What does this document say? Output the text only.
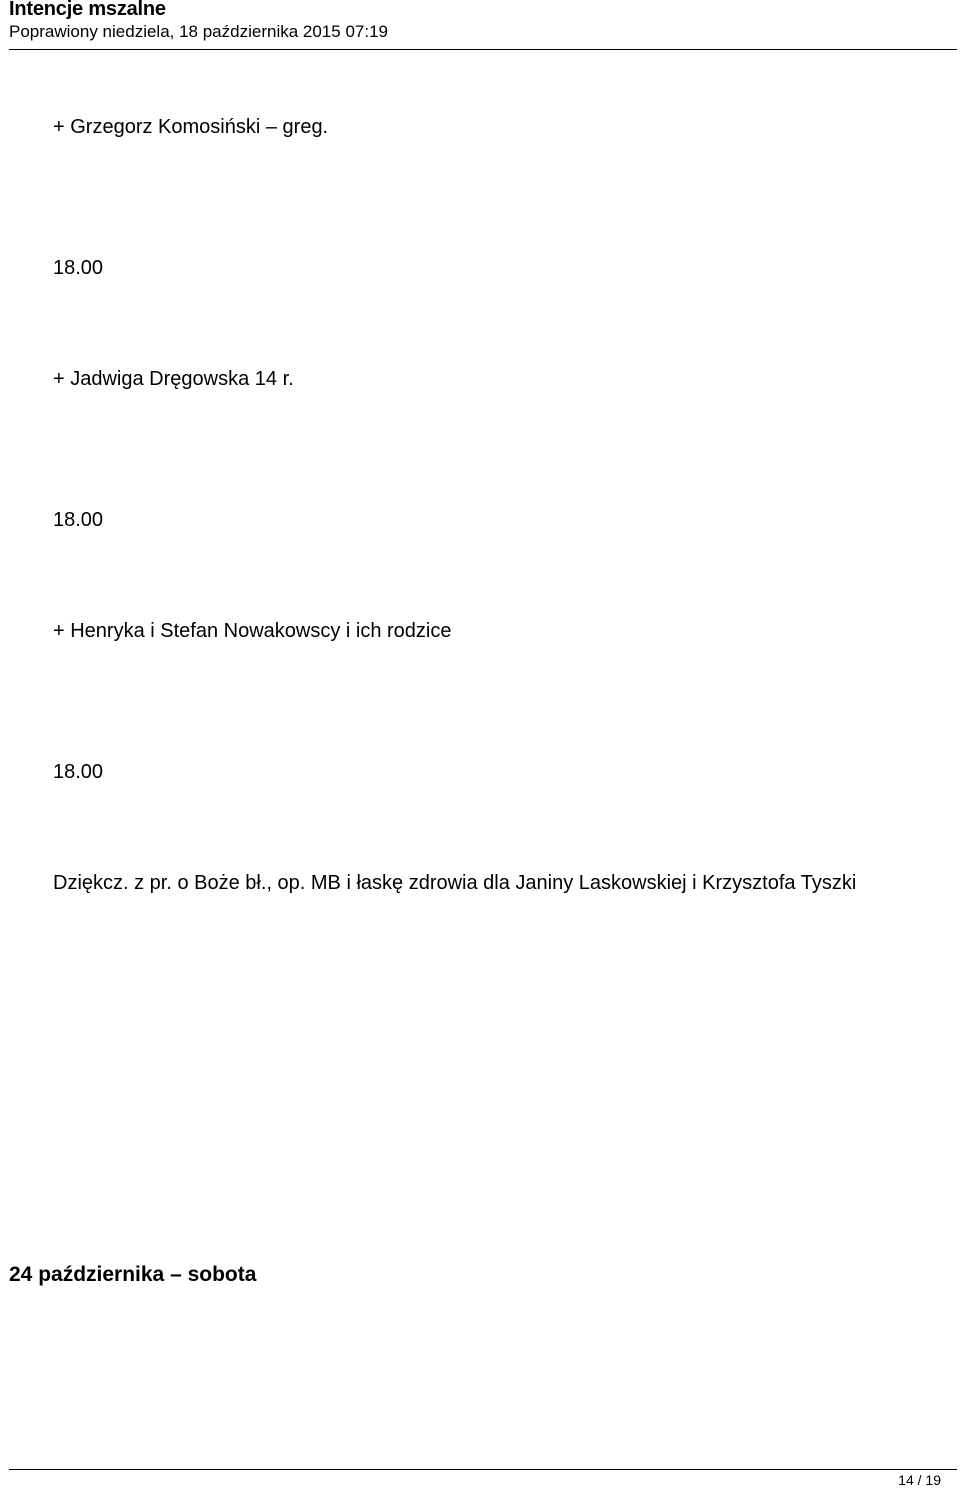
Intencje mszalne
Poprawiony niedziela, 18 października 2015 07:19
+ Grzegorz Komosiński – greg.
18.00
+ Jadwiga Dręgowska 14 r.
18.00
+ Henryka i Stefan Nowakowscy i ich rodzice
18.00
Dziękcz. z pr. o Boże bł., op. MB i łaskę zdrowia dla Janiny Laskowskiej i Krzysztofa Tyszki
24 października – sobota
14 / 19
